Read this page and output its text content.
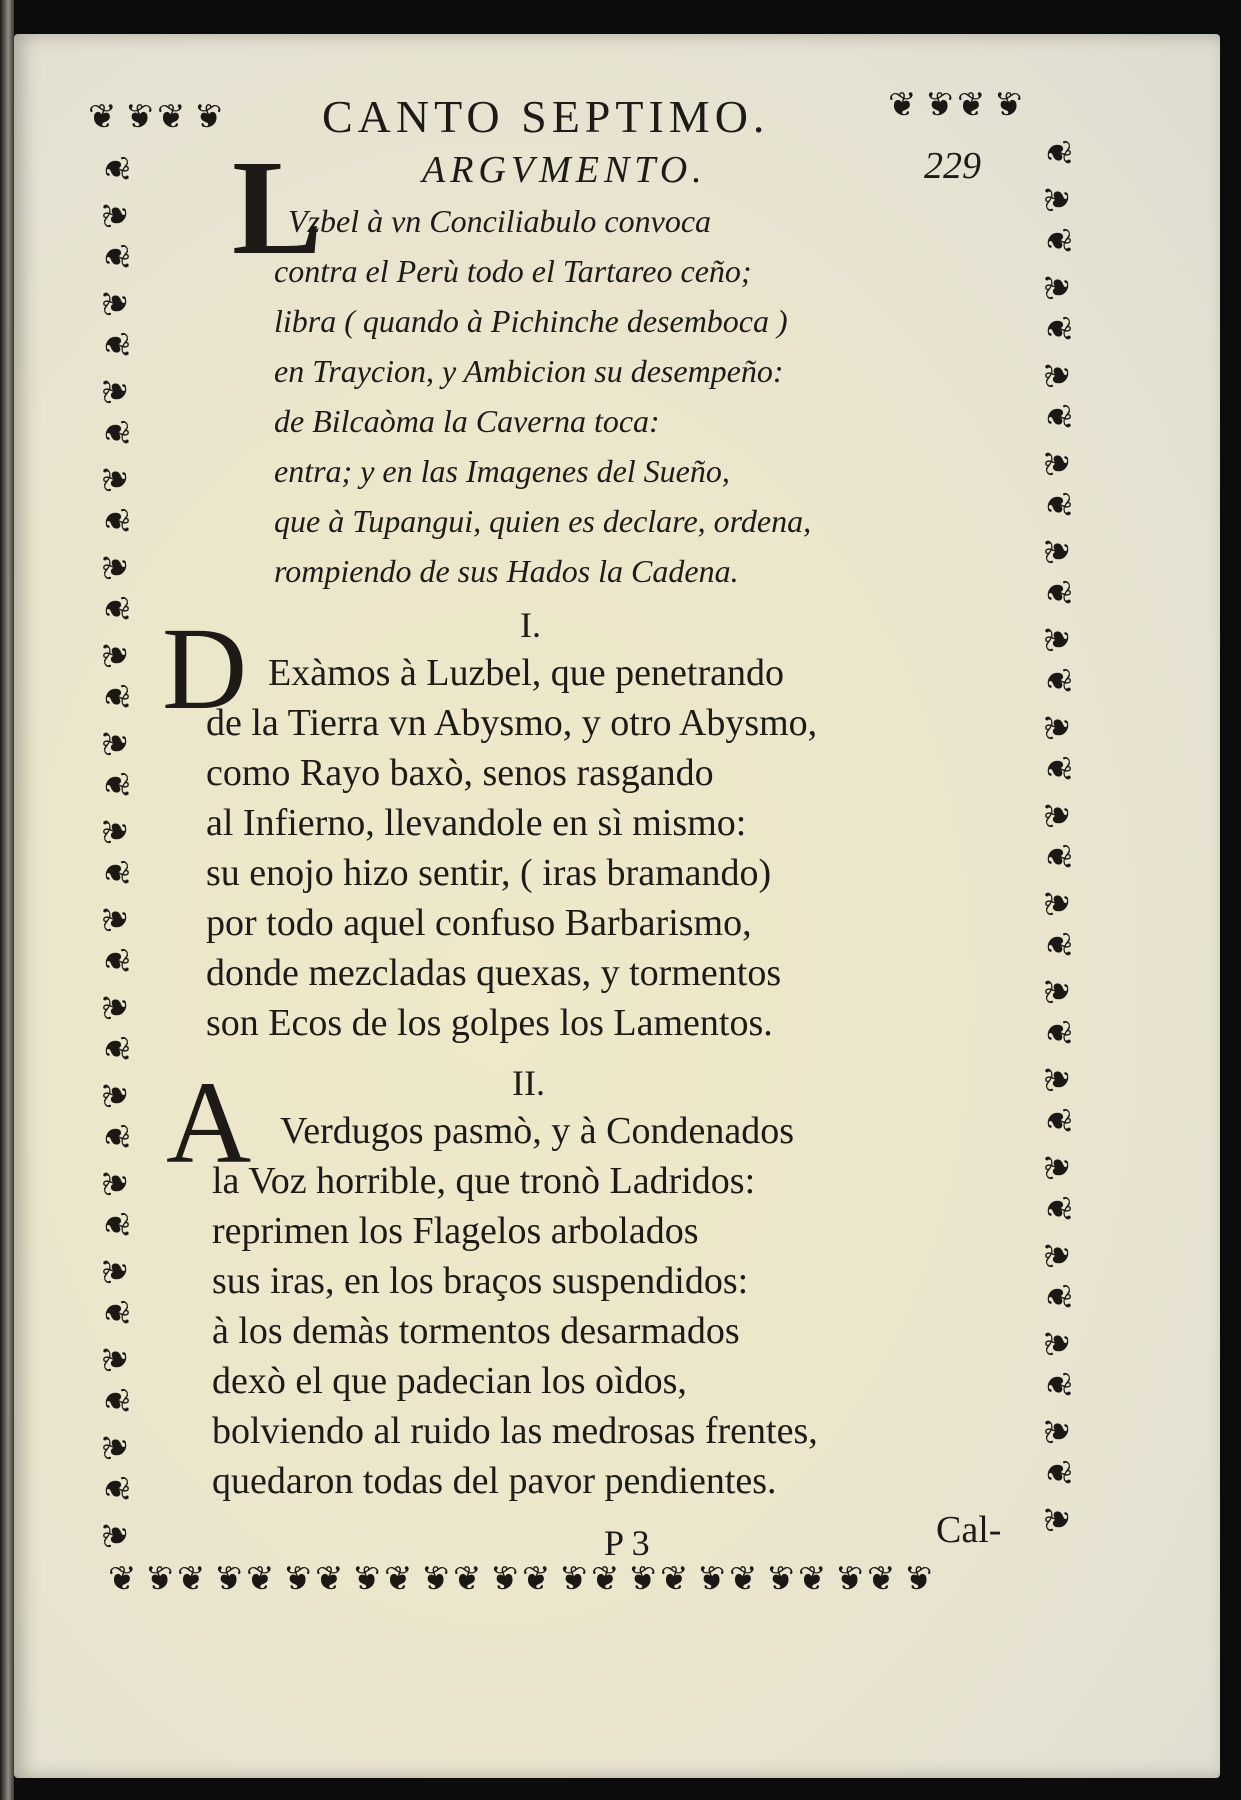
❦ ❦ ❦ ❦	❦ ❦ ❦ ❦
❦ ❦ ❦ ❦ ❦ ❦ ❦ ❦ ❦ ❦ ❦ ❦ ❦ ❦ ❦ ❦ ❦ ❦ ❦ ❦ ❦ ❦ ❦ ❦
❦
❦
❦
❦
❦
❦
❦
❦
❦
❦
❦
❦
❦
❦
❦
❦
❦
❦
❦
❦
❦
❦
❦
❦
❦
❦
❦
❦
❦
❦
❦
❦
❦
❦
❦
❦
❦
❦
❦
❦
❦
❦
❦
❦
❦
❦
❦
❦
❦
❦
❦
❦
❦
❦
❦
❦
❦
❦
❦
❦
❦
❦
❦
❦
CANTO SEPTIMO.
229
ARGVMENTO.
L
Vzbel à vn Conciliabulo convoca
contra el Perù todo el Tartareo ceño;
libra ( quando à Pichinche desemboca )
en Traycion, y Ambicion su desempeño:
de Bilcaòma la Caverna toca:
entra; y en las Imagenes del Sueño,
que à Tupangui, quien es declare, ordena,
rompiendo de sus Hados la Cadena.
I.
D Exàmos à Luzbel, que penetrando
de la Tierra vn Abysmo, y otro Abysmo,
como Rayo baxò, senos rasgando
al Infierno, llevandole en sì mismo:
su enojo hizo sentir, ( iras bramando)
por todo aquel confuso Barbarismo,
donde mezcladas quexas, y tormentos
son Ecos de los golpes los Lamentos.
II.
A Verdugos pasmò, y à Condenados
la Voz horrible, que tronò Ladridos:
reprimen los Flagelos arbolados
sus iras, en los braços suspendidos:
à los demàs tormentos desarmados
dexò el que padecian los oìdos,
bolviendo al ruido las medrosas frentes,
quedaron todas del pavor pendientes.
P 3	Cal-
